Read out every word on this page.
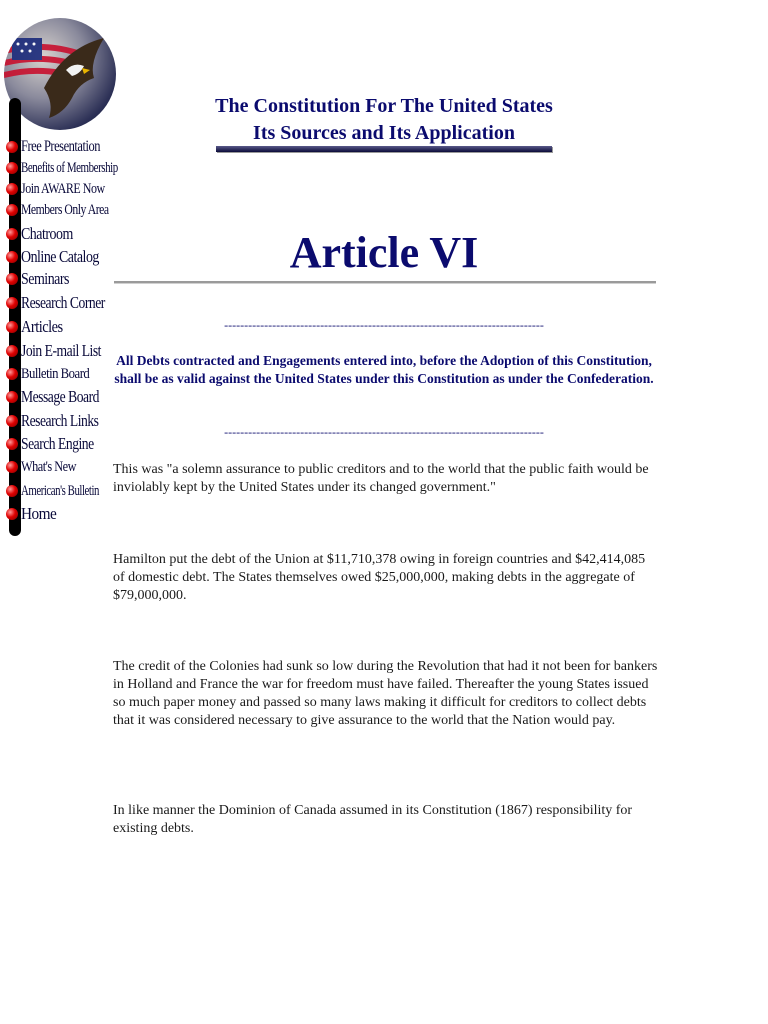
Free Presentation
Benefits of Membership
Join AWARE Now
Members Only Area
Chatroom
Online Catalog
Seminars
Research Corner
Articles
Join E-mail List
Bulletin Board
Message Board
Research Links
Search Engine
What's New
American's Bulletin
Home
The Constitution For The United States
Its Sources and Its Application
Article VI
--------------------------------------------------------------------------------
All Debts contracted and Engagements entered into, before the Adoption of this Constitution, shall be as valid against the United States under this Constitution as under the Confederation.
--------------------------------------------------------------------------------

This was "a solemn assurance to public creditors and to the world that the public faith would be inviolably kept by the United States under its changed government."

Hamilton put the debt of the Union at $11,710,378 owing in foreign countries and $42,414,085 of domestic debt. The States themselves owed $25,000,000, making debts in the aggregate of $79,000,000.

The credit of the Colonies had sunk so low during the Revolution that had it not been for bankers in Holland and France the war for freedom must have failed. Thereafter the young States issued so much paper money and passed so many laws making it difficult for creditors to collect debts that it was considered necessary to give assurance to the world that the Nation would pay.

In like manner the Dominion of Canada assumed in its Constitution (1867) responsibility for existing debts.
